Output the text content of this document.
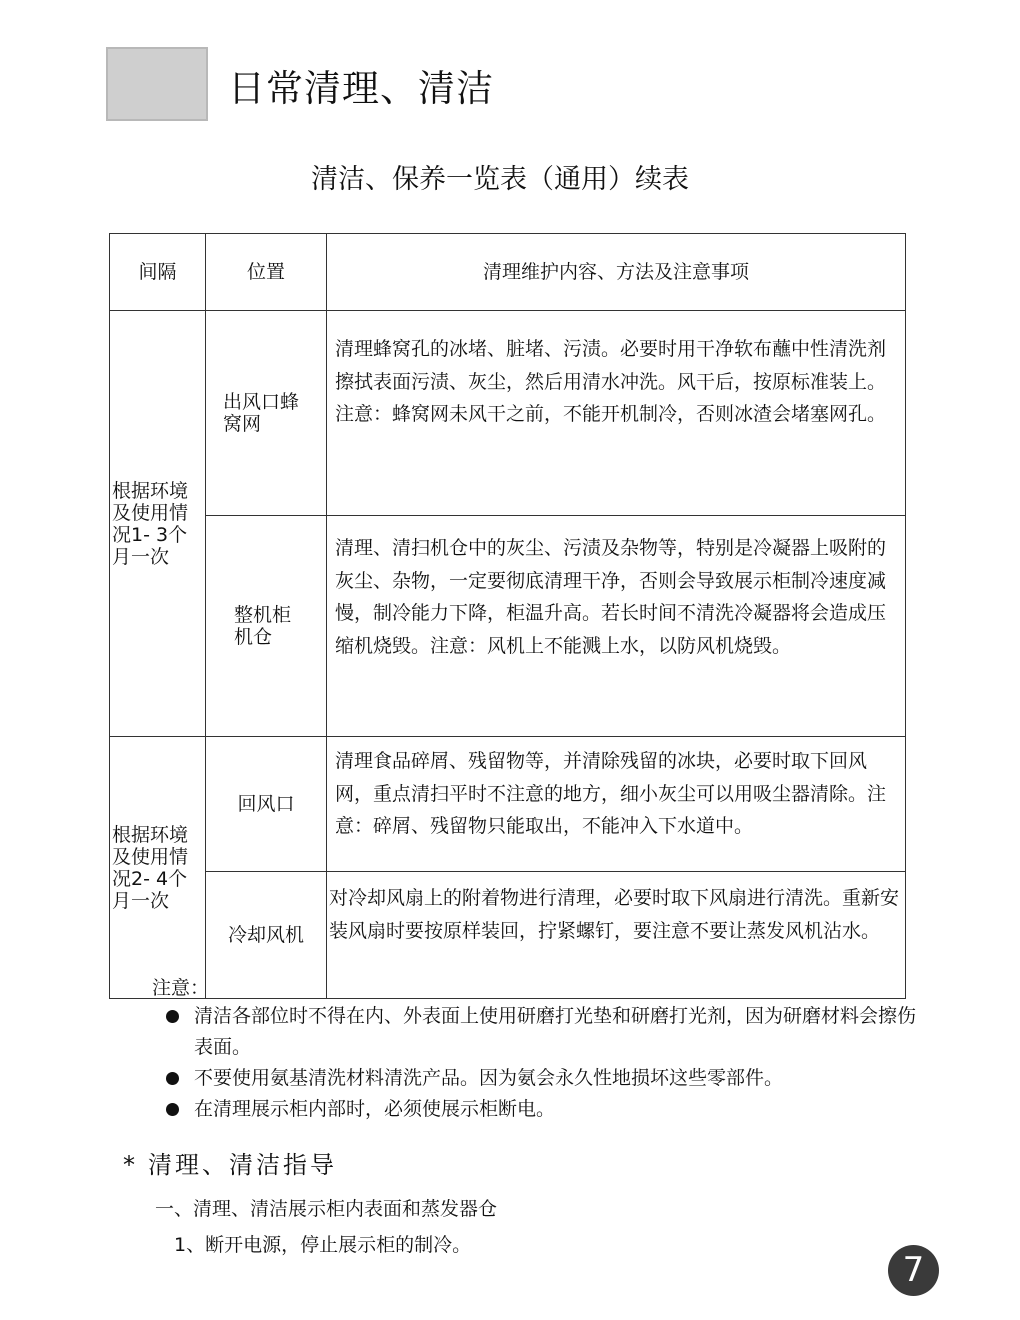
日常清理、清洁
清洁、保养一览表（通用）续表
间隔	位置	清理维护内容、方法及注意事项

根据环境及使用情况1- 3个月一次	出风口蜂窝网	清理蜂窝孔的冰堵、脏堵、污渍。必要时用干净软布蘸中性清洗剂擦拭表面污渍、灰尘，然后用清水冲洗。风干后，按原标准装上。注意：蜂窝网未风干之前，不能开机制冷，否则冰渣会堵塞网孔。

	整机柜机仓	清理、清扫机仓中的灰尘、污渍及杂物等，特别是冷凝器上吸附的灰尘、杂物，一定要彻底清理干净，否则会导致展示柜制冷速度减慢，制冷能力下降，柜温升高。若长时间不清洗冷凝器将会造成压缩机烧毁。注意：风机上不能溅上水，以防风机烧毁。

根据环境及使用情况2- 4个月一次	回风口	清理食品碎屑、残留物等，并清除残留的冰块，必要时取下回风网，重点清扫平时不注意的地方，细小灰尘可以用吸尘器清除。注意：碎屑、残留物只能取出，不能冲入下水道中。

	冷却风机	对冷却风扇上的附着物进行清理，必要时取下风扇进行清洗。重新安装风扇时要按原样装回，拧紧螺钉，要注意不要让蒸发风机沾水。
注意：
清洁各部位时不得在内、外表面上使用研磨打光垫和研磨打光剂，因为研磨材料会擦伤表面。
不要使用氨基清洗材料清洗产品。因为氨会永久性地损坏这些零部件。
在清理展示柜内部时，必须使展示柜断电。
* 清理、清洁指导
一、清理、清洁展示柜内表面和蒸发器仓
1、断开电源，停止展示柜的制冷。
7
